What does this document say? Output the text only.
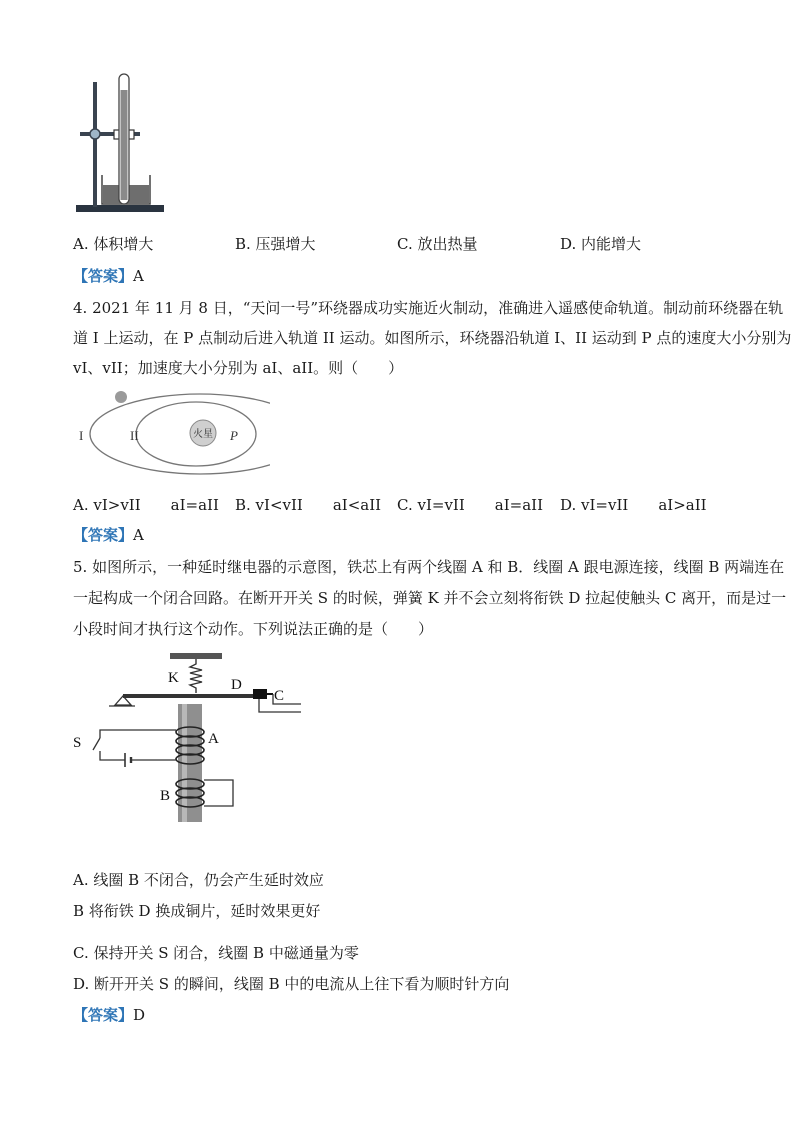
A. 体积增大	B. 压强增大	C. 放出热量	D. 内能增大
【答案】A
4. 2021 年 11 月 8 日，“天问一号”环绕器成功实施近火制动，准确进入遥感使命轨道。制动前环绕器在轨
道 I 上运动，在 P 点制动后进入轨道 II 运动。如图所示，环绕器沿轨道 I、II 运动到 P 点的速度大小分别为
vI、vII；加速度大小分别为 aI、aII。则（　　）
I	II	火星 P
A. vI>vII　　aI=aII B. vI<vII　　aI<aII C. vI=vII　　aI=aII D. vI=vII　　aI>aII
【答案】A
5. 如图所示，一种延时继电器的示意图，铁芯上有两个线圈 A 和 B．线圈 A 跟电源连接，线圈 B 两端连在
一起构成一个闭合回路。在断开开关 S 的时候，弹簧 K 并不会立刻将衔铁 D 拉起使触头 C 离开，而是过一
小段时间才执行这个动作。下列说法正确的是（　　）
K	D
C
A
S
B
A. 线圈 B 不闭合，仍会产生延时效应
B 将衔铁 D 换成铜片，延时效果更好
C. 保持开关 S 闭合，线圈 B 中磁通量为零
D. 断开开关 S 的瞬间，线圈 B 中的电流从上往下看为顺时针方向
【答案】D
